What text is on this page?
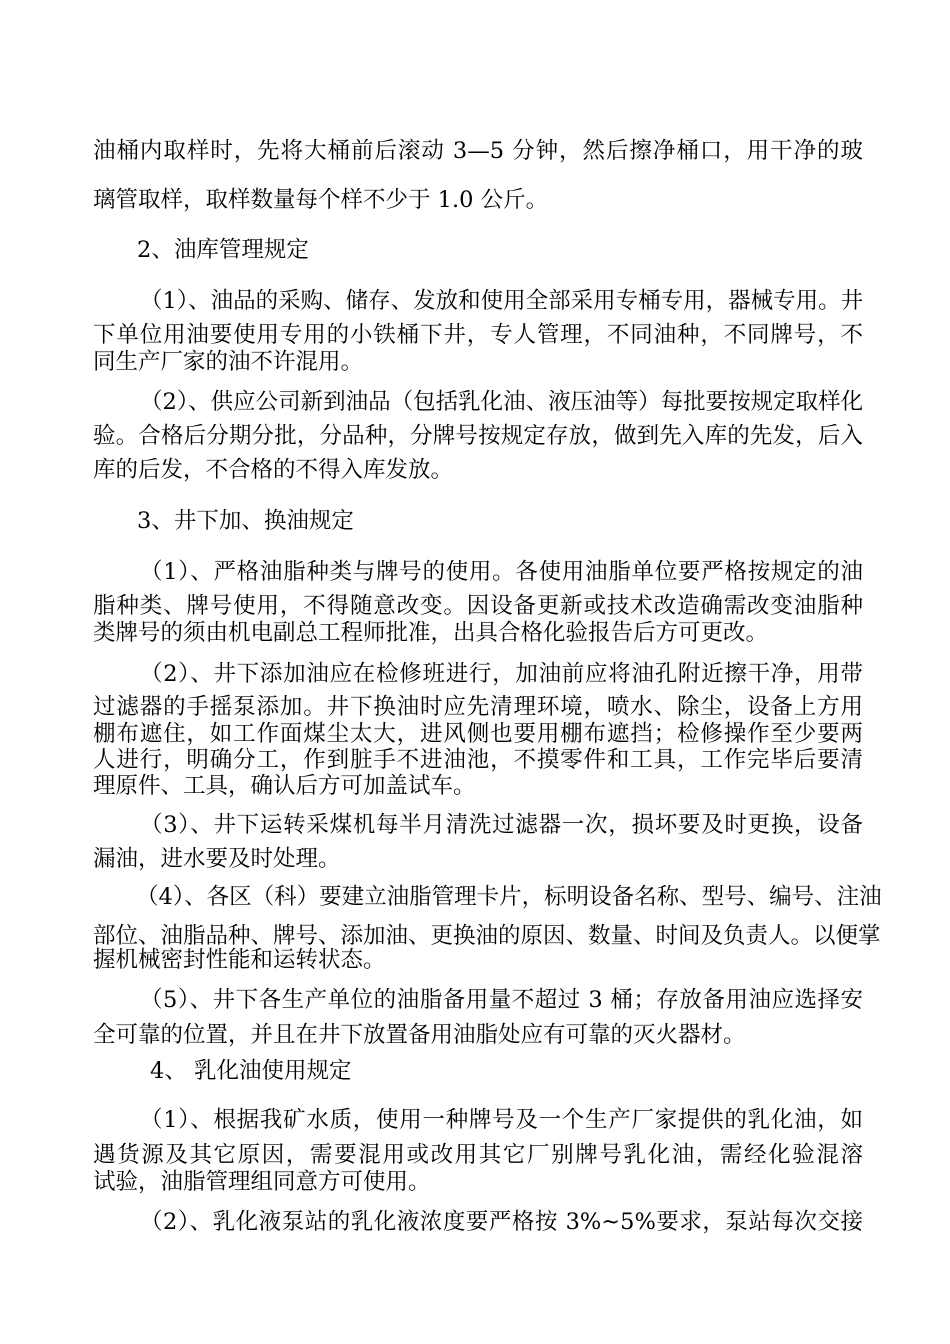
油桶内取样时，先将大桶前后滚动 3—5 分钟，然后擦净桶口，用干净的玻
璃管取样，取样数量每个样不少于 1.0 公斤。
2、油库管理规定
（1）、油品的采购、储存、发放和使用全部采用专桶专用，器械专用。井
下单位用油要使用专用的小铁桶下井，专人管理，不同油种，不同牌号，不
同生产厂家的油不许混用。
（2）、供应公司新到油品（包括乳化油、液压油等）每批要按规定取样化
验。合格后分期分批，分品种，分牌号按规定存放，做到先入库的先发，后入
库的后发，不合格的不得入库发放。
3、井下加、换油规定
（1）、严格油脂种类与牌号的使用。各使用油脂单位要严格按规定的油
脂种类、牌号使用，不得随意改变。因设备更新或技术改造确需改变油脂种
类牌号的须由机电副总工程师批准，出具合格化验报告后方可更改。
（2）、井下添加油应在检修班进行，加油前应将油孔附近擦干净，用带
过滤器的手摇泵添加。井下换油时应先清理环境，喷水、除尘，设备上方用
棚布遮住，如工作面煤尘太大，进风侧也要用棚布遮挡；检修操作至少要两
人进行，明确分工，作到脏手不进油池，不摸零件和工具，工作完毕后要清
理原件、工具，确认后方可加盖试车。
（3）、井下运转采煤机每半月清洗过滤器一次，损坏要及时更换，设备
漏油，进水要及时处理。
（4）、各区（科）要建立油脂管理卡片，标明设备名称、型号、编号、注油
部位、油脂品种、牌号、添加油、更换油的原因、数量、时间及负责人。以便掌
握机械密封性能和运转状态。
（5）、井下各生产单位的油脂备用量不超过 3 桶；存放备用油应选择安
全可靠的位置，并且在井下放置备用油脂处应有可靠的灭火器材。
4、 乳化油使用规定
（1）、根据我矿水质，使用一种牌号及一个生产厂家提供的乳化油，如
遇货源及其它原因，需要混用或改用其它厂别牌号乳化油，需经化验混溶
试验，油脂管理组同意方可使用。
（2）、乳化液泵站的乳化液浓度要严格按 3%~5%要求，泵站每次交接
